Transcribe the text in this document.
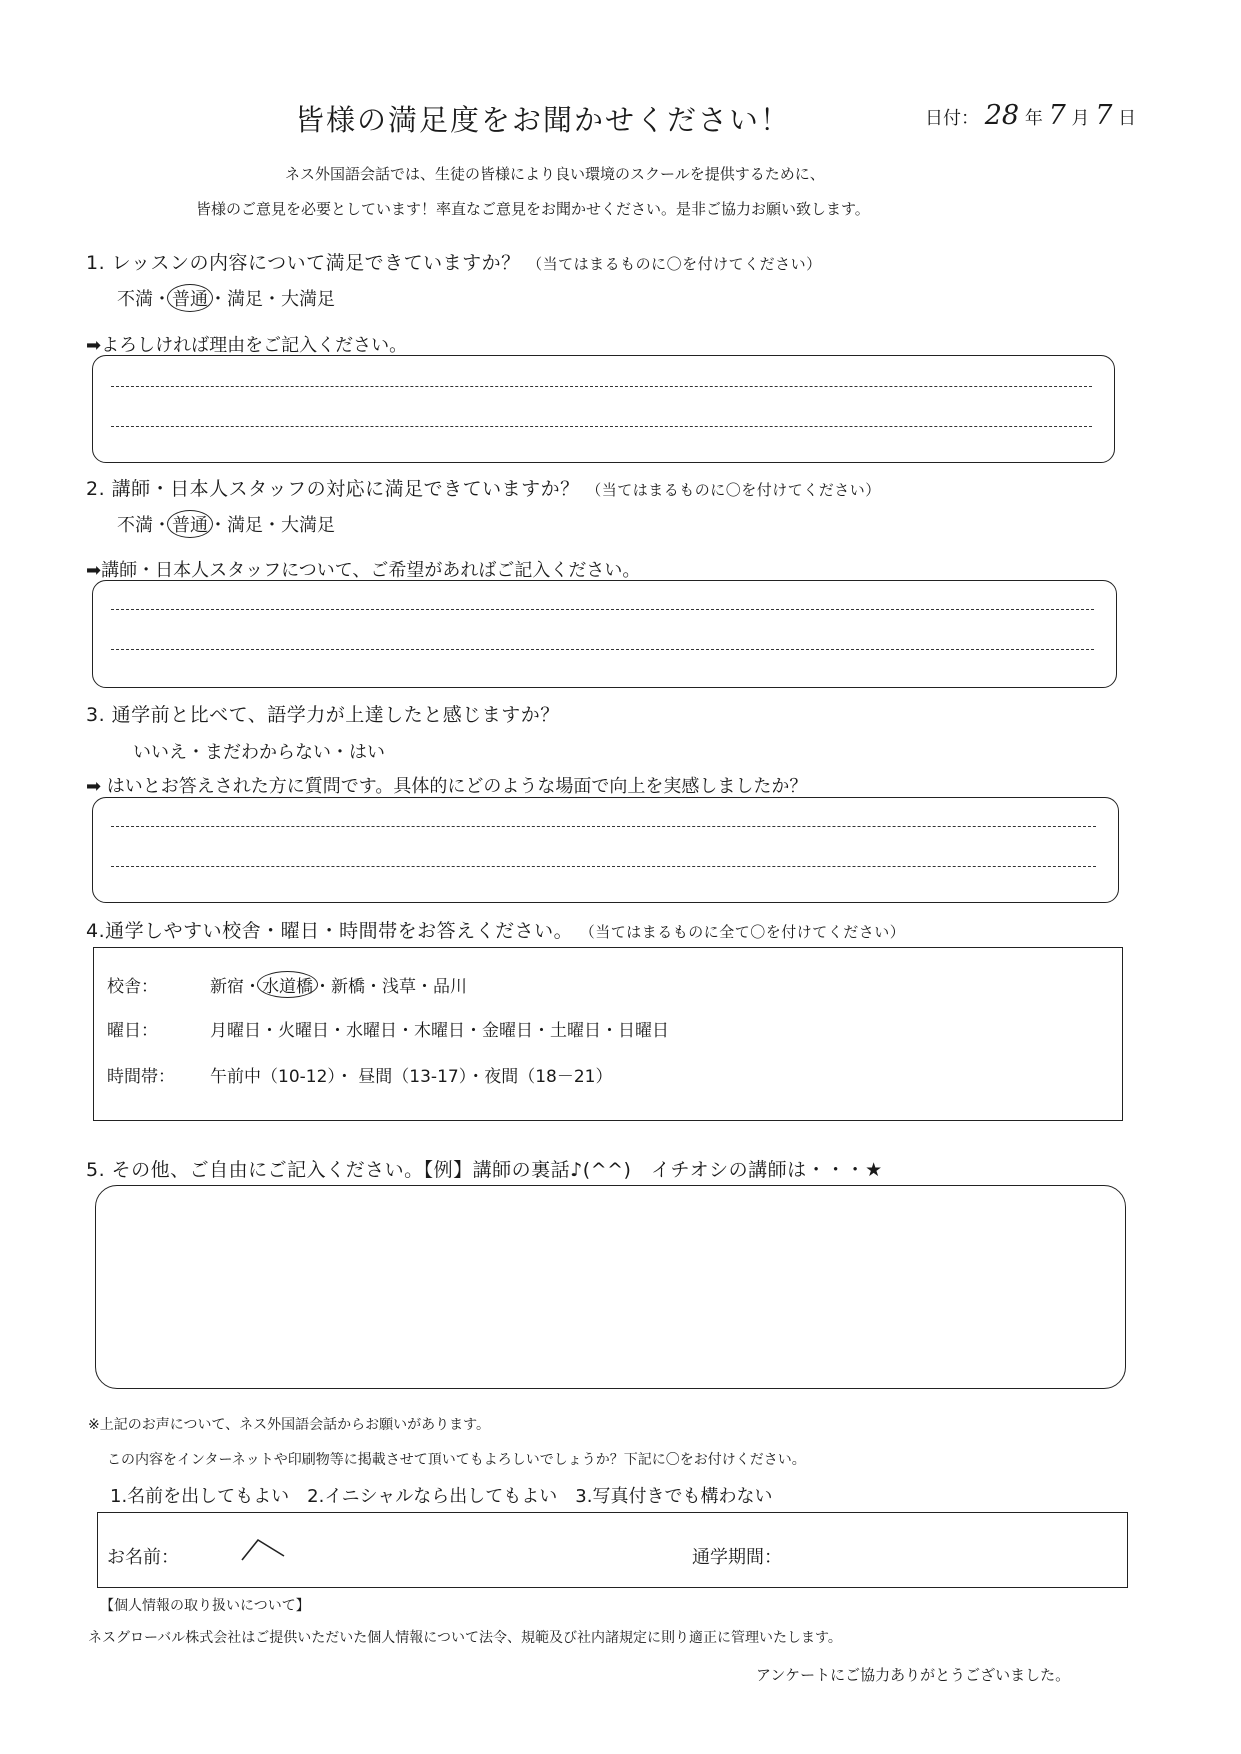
皆様の満足度をお聞かせください！	日付： 28 年 7 月 7 日
ネス外国語会話では、生徒の皆様により良い環境のスクールを提供するために、
皆様のご意見を必要としています！率直なご意見をお聞かせください。是非ご協力お願い致します。
1. レッスンの内容について満足できていますか？ （当てはまるものに〇を付けてください）
不満・普通・満足・大満足
➡よろしければ理由をご記入ください。
2. 講師・日本人スタッフの対応に満足できていますか？ （当てはまるものに〇を付けてください）
不満・普通・満足・大満足
➡講師・日本人スタッフについて、ご希望があればご記入ください。
3. 通学前と比べて、語学力が上達したと感じますか？
いいえ・まだわからない・はい
➡ はいとお答えされた方に質問です。具体的にどのような場面で向上を実感しましたか？
4.通学しやすい校舎・曜日・時間帯をお答えください。 （当てはまるものに全て〇を付けてください）
校舎：	新宿・水道橋・新橋・浅草・品川
曜日：	月曜日・火曜日・水曜日・木曜日・金曜日・土曜日・日曜日
時間帯： 午前中（10-12）・ 昼間（13-17）・夜間（18－21）
5. その他、ご自由にご記入ください。【例】講師の裏話♪(^^)　イチオシの講師は・・・★
※上記のお声について、ネス外国語会話からお願いがあります。
この内容をインターネットや印刷物等に掲載させて頂いてもよろしいでしょうか？下記に〇をお付けください。
1.名前を出してもよい　2.イニシャルなら出してもよい　3.写真付きでも構わない
お名前：	通学期間：
【個人情報の取り扱いについて】
ネスグローバル株式会社はご提供いただいた個人情報について法令、規範及び社内諸規定に則り適正に管理いたします。
アンケートにご協力ありがとうございました。
